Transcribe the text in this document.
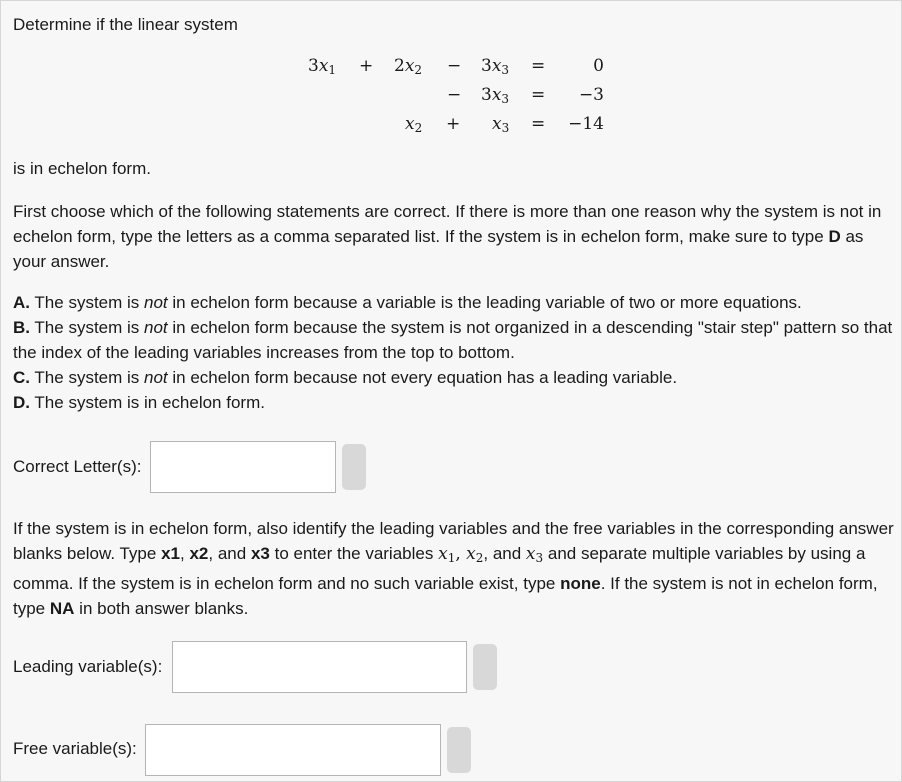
Determine if the linear system
$3x_1 + 2x_2 - 3x_3$ =	0
− $3x_3$ =	−3
$x_2 + x_3$ =	−14
is in echelon form.
First choose which of the following statements are correct. If there is more than one reason why the system is not in echelon form, type the letters as a comma separated list. If the system is in echelon form, make sure to type D as your answer.
A. The system is not in echelon form because a variable is the leading variable of two or more equations.
B. The system is not in echelon form because the system is not organized in a descending "stair step" pattern so that the index of the leading variables increases from the top to bottom.
C. The system is not in echelon form because not every equation has a leading variable.
D. The system is in echelon form.
Correct Letter(s):
If the system is in echelon form, also identify the leading variables and the free variables in the corresponding answer blanks below. Type x1, x2, and x3 to enter the variables $x_1$, $x_2$, and $x_3$ and separate multiple variables by using a comma. If the system is in echelon form and no such variable exist, type none. If the system is not in echelon form, type NA in both answer blanks.
Leading variable(s):
Free variable(s):
